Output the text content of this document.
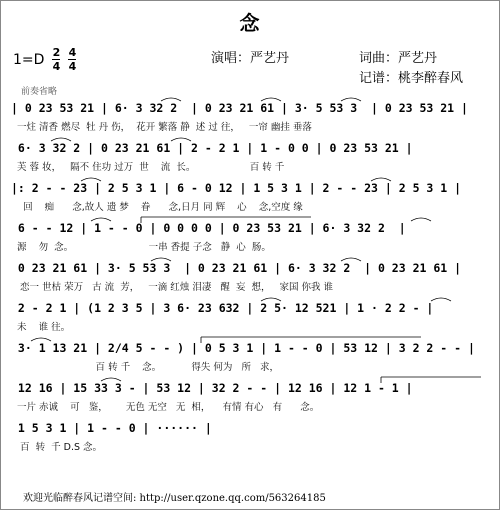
念
$1=D \frac{2}{4} \frac{4}{4}$	演唱：严艺丹	词曲：严艺丹
记谱：桃李醉春风
前奏省略
| 0 23 53 21 | 6· 3 32 2  | 0 23 21 61 | 3· 5 53 3  | 0 23 53 21 |
一炷 清香 燃尽  牡 丹 伤，  花开 繁落 静  述 过 往，   一帘 幽挂 垂落
6· 3 32 2 | 0 23 21 61 | 2 - 2 1 | 1 - 0 0 | 0 23 53 21 |
芙 蓉 妆，   隔不 住功 过万  世    流  长。                  百 转 千
|: 2 - - 23 | 2 5 3 1 | 6 - 0 12 | 1 5 3 1 | 2 - - 23 | 2 5 3 1 |
回    痴      念,故人 遗 梦    眷      念,日月 同 辉    心    念,空度 缘
6 - - 12 | 1 - - 0 | 0 0 0 0 | 0 23 53 21 | 6· 3 32 2  |
源    勿  念。                         一串 香提 子念   静  心  肠。
0 23 21 61 | 3· 5 53 3  | 0 23 21 61 | 6· 3 32 2  | 0 23 21 61 |
恋一 世枯 荣万   古 流  芳，   一滴 红烛 泪凄   醒  妄  想，   家国 你我 谁
2 - 2 1 | (1 2 3 5 | 3 6· 23 632 | 2 5· 12 521 | 1 · 2 2 - |
未    谁 往。
3· 1 13 21 | 2/4 5 - - ) | 0 5 3 1 | 1 - - 0 | 53 12 | 3 2 2 - - |
百 转 千    念。          得失 何为   所   求，
12 16 | 15 33 3 - | 53 12 | 32 2 - - | 12 16 | 12 1 - 1 |
一片 赤诚    可   鉴，      无色 无空   无  相，    有情 有心   有      念。
1 5 3 1 | 1 - - 0 | ······ |
百  转  千 D.S 念。
欢迎光临醉春风记谱空间: http://user.qzone.qq.com/563264185
